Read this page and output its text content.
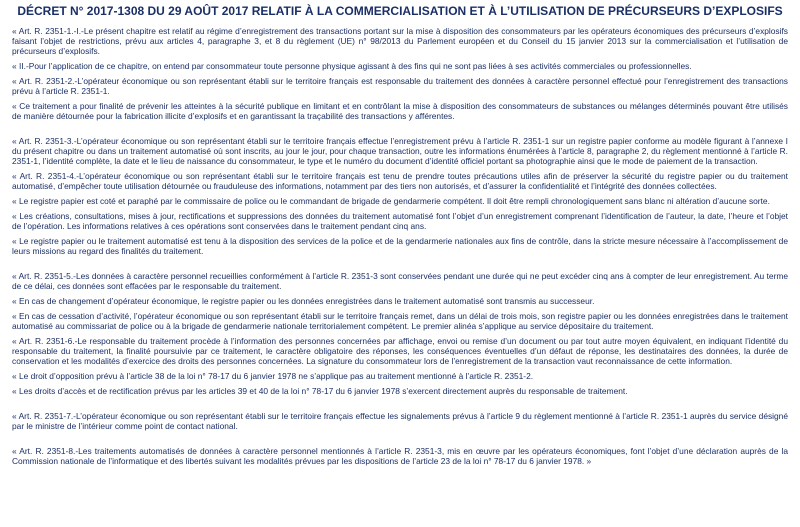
DÉCRET N° 2017-1308 DU 29 AOÛT 2017 RELATIF À LA COMMERCIALISATION ET À L’UTILISATION DE PRÉCURSEURS D’EXPLOSIFS

« Art. R. 2351-1.-I.-Le présent chapitre est relatif au régime d’enregistrement des transactions portant sur la mise à disposition des consommateurs par les opérateurs économiques des précurseurs d’explosifs faisant l’objet de restrictions, prévu aux articles 4, paragraphe 3, et 8 du règlement (UE) n° 98/2013 du Parlement européen et du Conseil du 15 janvier 2013 sur la commercialisation et l’utilisation de précurseurs d’explosifs.

« II.-Pour l’application de ce chapitre, on entend par consommateur toute personne physique agissant à des fins qui ne sont pas liées à ses activités commerciales ou professionnelles.

« Art. R. 2351-2.-L’opérateur économique ou son représentant établi sur le territoire français est responsable du traitement des données à caractère personnel effectué pour l’enregistrement des transactions prévu à l’article R. 2351-1.

« Ce traitement a pour finalité de prévenir les atteintes à la sécurité publique en limitant et en contrôlant la mise à disposition des consommateurs de substances ou mélanges déterminés pouvant être utilisés de manière détournée pour la fabrication illicite d’explosifs et en garantissant la traçabilité des transactions y afférentes.

« Art. R. 2351-3.-L’opérateur économique ou son représentant établi sur le territoire français effectue l’enregistrement prévu à l’article R. 2351-1 sur un registre papier conforme au modèle figurant à l’annexe I du présent chapitre ou dans un traitement automatisé où sont inscrits, au jour le jour, pour chaque transaction, outre les informations énumérées à l’article 8, paragraphe 2, du règlement mentionné à l’article R. 2351-1, l’identité complète, la date et le lieu de naissance du consommateur, le type et le numéro du document d’identité officiel portant sa photographie ainsi que le mode de paiement de la transaction.

« Art. R. 2351-4.-L’opérateur économique ou son représentant établi sur le territoire français est tenu de prendre toutes précautions utiles afin de préserver la sécurité du registre papier ou du traitement automatisé, d’empêcher toute utilisation détournée ou frauduleuse des informations, notamment par des tiers non autorisés, et d’assurer la confidentialité et l’intégrité des données collectées.

« Le registre papier est coté et paraphé par le commissaire de police ou le commandant de brigade de gendarmerie compétent. Il doit être rempli chronologiquement sans blanc ni altération d’aucune sorte.

« Les créations, consultations, mises à jour, rectifications et suppressions des données du traitement automatisé font l’objet d’un enregistrement comprenant l’identification de l’auteur, la date, l’heure et l’objet de l’opération. Les informations relatives à ces opérations sont conservées dans le traitement pendant cinq ans.

« Le registre papier ou le traitement automatisé est tenu à la disposition des services de la police et de la gendarmerie nationales aux fins de contrôle, dans la stricte mesure nécessaire à l’accomplissement de leurs missions au regard des finalités du traitement.

« Art. R. 2351-5.-Les données à caractère personnel recueillies conformément à l’article R. 2351-3 sont conservées pendant une durée qui ne peut excéder cinq ans à compter de leur enregistrement. Au terme de ce délai, ces données sont effacées par le responsable du traitement.

« En cas de changement d’opérateur économique, le registre papier ou les données enregistrées dans le traitement automatisé sont transmis au successeur.

« En cas de cessation d’activité, l’opérateur économique ou son représentant établi sur le territoire français remet, dans un délai de trois mois, son registre papier ou les données enregistrées dans le traitement automatisé au commissariat de police ou à la brigade de gendarmerie nationale territorialement compétent. Le premier alinéa s’applique au service dépositaire du traitement.

« Art. R. 2351-6.-Le responsable du traitement procède à l’information des personnes concernées par affichage, envoi ou remise d’un document ou par tout autre moyen équivalent, en indiquant l’identité du responsable du traitement, la finalité poursuivie par ce traitement, le caractère obligatoire des réponses, les conséquences éventuelles d’un défaut de réponse, les destinataires des données, la durée de conservation et les modalités d’exercice des droits des personnes concernées. La signature du consommateur lors de l’enregistrement de la transaction vaut reconnaissance de cette information.

« Le droit d’opposition prévu à l’article 38 de la loi n° 78-17 du 6 janvier 1978 ne s’applique pas au traitement mentionné à l’article R. 2351-2.

« Les droits d’accès et de rectification prévus par les articles 39 et 40 de la loi n° 78-17 du 6 janvier 1978 s’exercent directement auprès du responsable de traitement.

« Art. R. 2351-7.-L’opérateur économique ou son représentant établi sur le territoire français effectue les signalements prévus à l’article 9 du règlement mentionné à l’article R. 2351-1 auprès du service désigné par le ministre de l’intérieur comme point de contact national.

« Art. R. 2351-8.-Les traitements automatisés de données à caractère personnel mentionnés à l’article R. 2351-3, mis en œuvre par les opérateurs économiques, font l’objet d’une déclaration auprès de la Commission nationale de l’informatique et des libertés suivant les modalités prévues par les dispositions de l’article 23 de la loi n° 78-17 du 6 janvier 1978. »
